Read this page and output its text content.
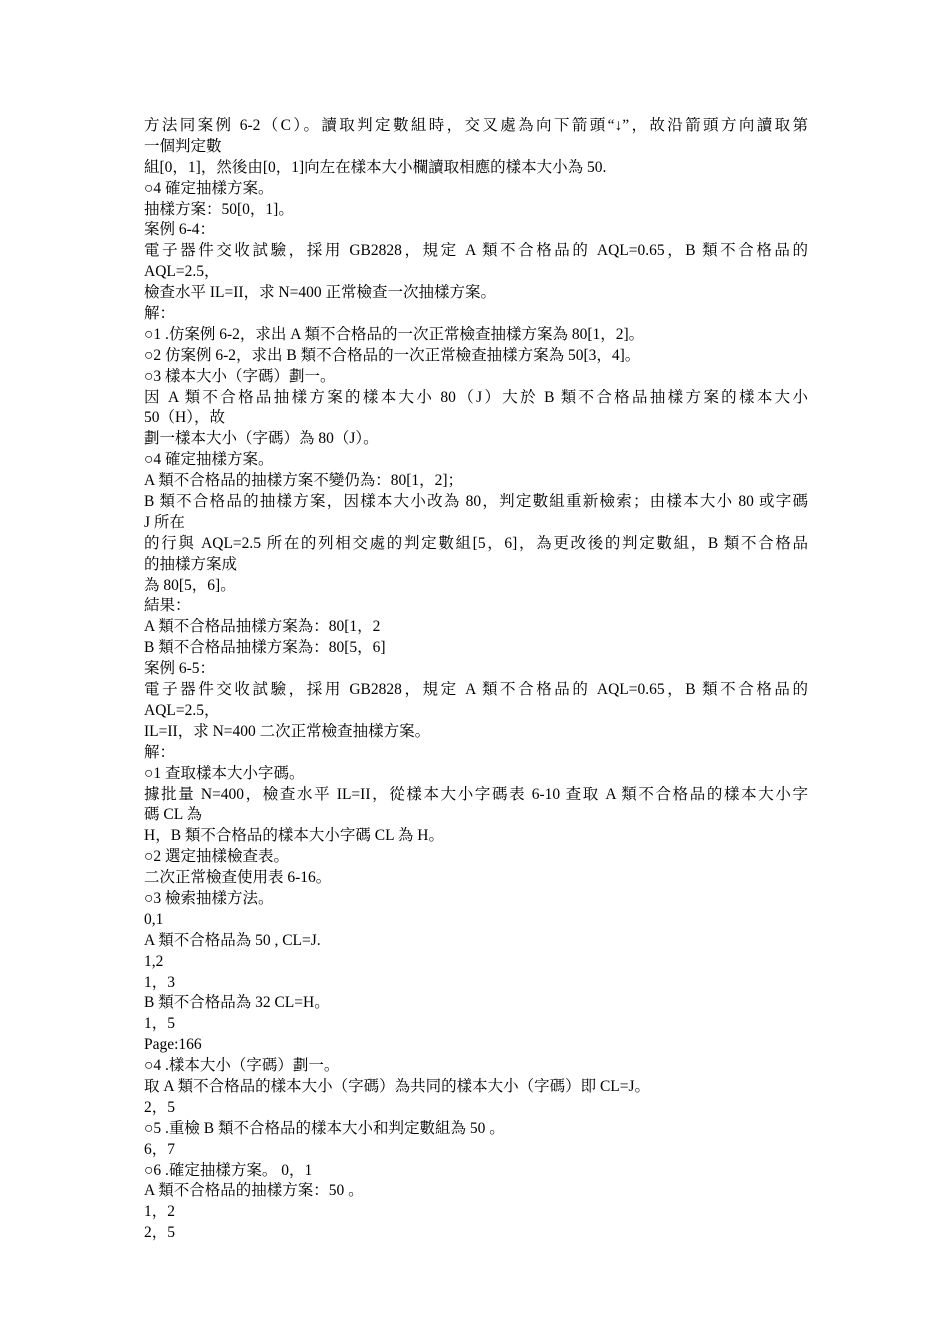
方法同案例 6-2（C）。讀取判定數組時，交叉處為向下箭頭“↓”，故沿箭頭方向讀取第
一個判定數
組[0，1]，然後由[0，1]向左在樣本大小欄讀取相應的樣本大小為 50.
○4 確定抽樣方案。
抽樣方案：50[0，1]。
案例 6-4：
電子器件交收試驗，採用 GB2828，規定 A 類不合格品的 AQL=0.65，B 類不合格品的
AQL=2.5，
檢查水平 IL=II，求 N=400 正常檢查一次抽樣方案。
解：
○1 .仿案例 6-2，求出 A 類不合格品的一次正常檢查抽樣方案為 80[1，2]。
○2 仿案例 6-2，求出 B 類不合格品的一次正常檢查抽樣方案為 50[3，4]。
○3 樣本大小（字碼）劃一。
因 A 類不合格品抽樣方案的樣本大小 80（J）大於 B 類不合格品抽樣方案的樣本大小
50（H），故
劃一樣本大小（字碼）為 80（J）。
○4 確定抽樣方案。
A 類不合格品的抽樣方案不變仍為：80[1，2]；
B 類不合格品的抽樣方案，因樣本大小改為 80，判定數組重新檢索；由樣本大小 80 或字碼
J 所在
的行與 AQL=2.5 所在的列相交處的判定數組[5，6]，為更改後的判定數組，B 類不合格品
的抽樣方案成
為 80[5，6]。
結果：
A 類不合格品抽樣方案為：80[1，2
B 類不合格品抽樣方案為：80[5，6]
案例 6-5：
電子器件交收試驗，採用 GB2828，規定 A 類不合格品的 AQL=0.65，B 類不合格品的
AQL=2.5，
IL=II，求 N=400 二次正常檢查抽樣方案。
解：
○1 查取樣本大小字碼。
據批量 N=400，檢查水平 IL=II，從樣本大小字碼表 6-10 查取 A 類不合格品的樣本大小字
碼 CL 為
H，B 類不合格品的樣本大小字碼 CL 為 H。
○2 選定抽樣檢查表。
二次正常檢查使用表 6-16。
○3 檢索抽樣方法。
0,1
A 類不合格品為 50 , CL=J.
1,2
1，3
B 類不合格品為 32 CL=H。
1，5
Page:166
○4 .樣本大小（字碼）劃一。
取 A 類不合格品的樣本大小（字碼）為共同的樣本大小（字碼）即 CL=J。
2，5
○5 .重檢 B 類不合格品的樣本大小和判定數組為 50 。
6，7
○6 .確定抽樣方案。 0，1
A 類不合格品的抽樣方案：50 。
1，2
2，5
